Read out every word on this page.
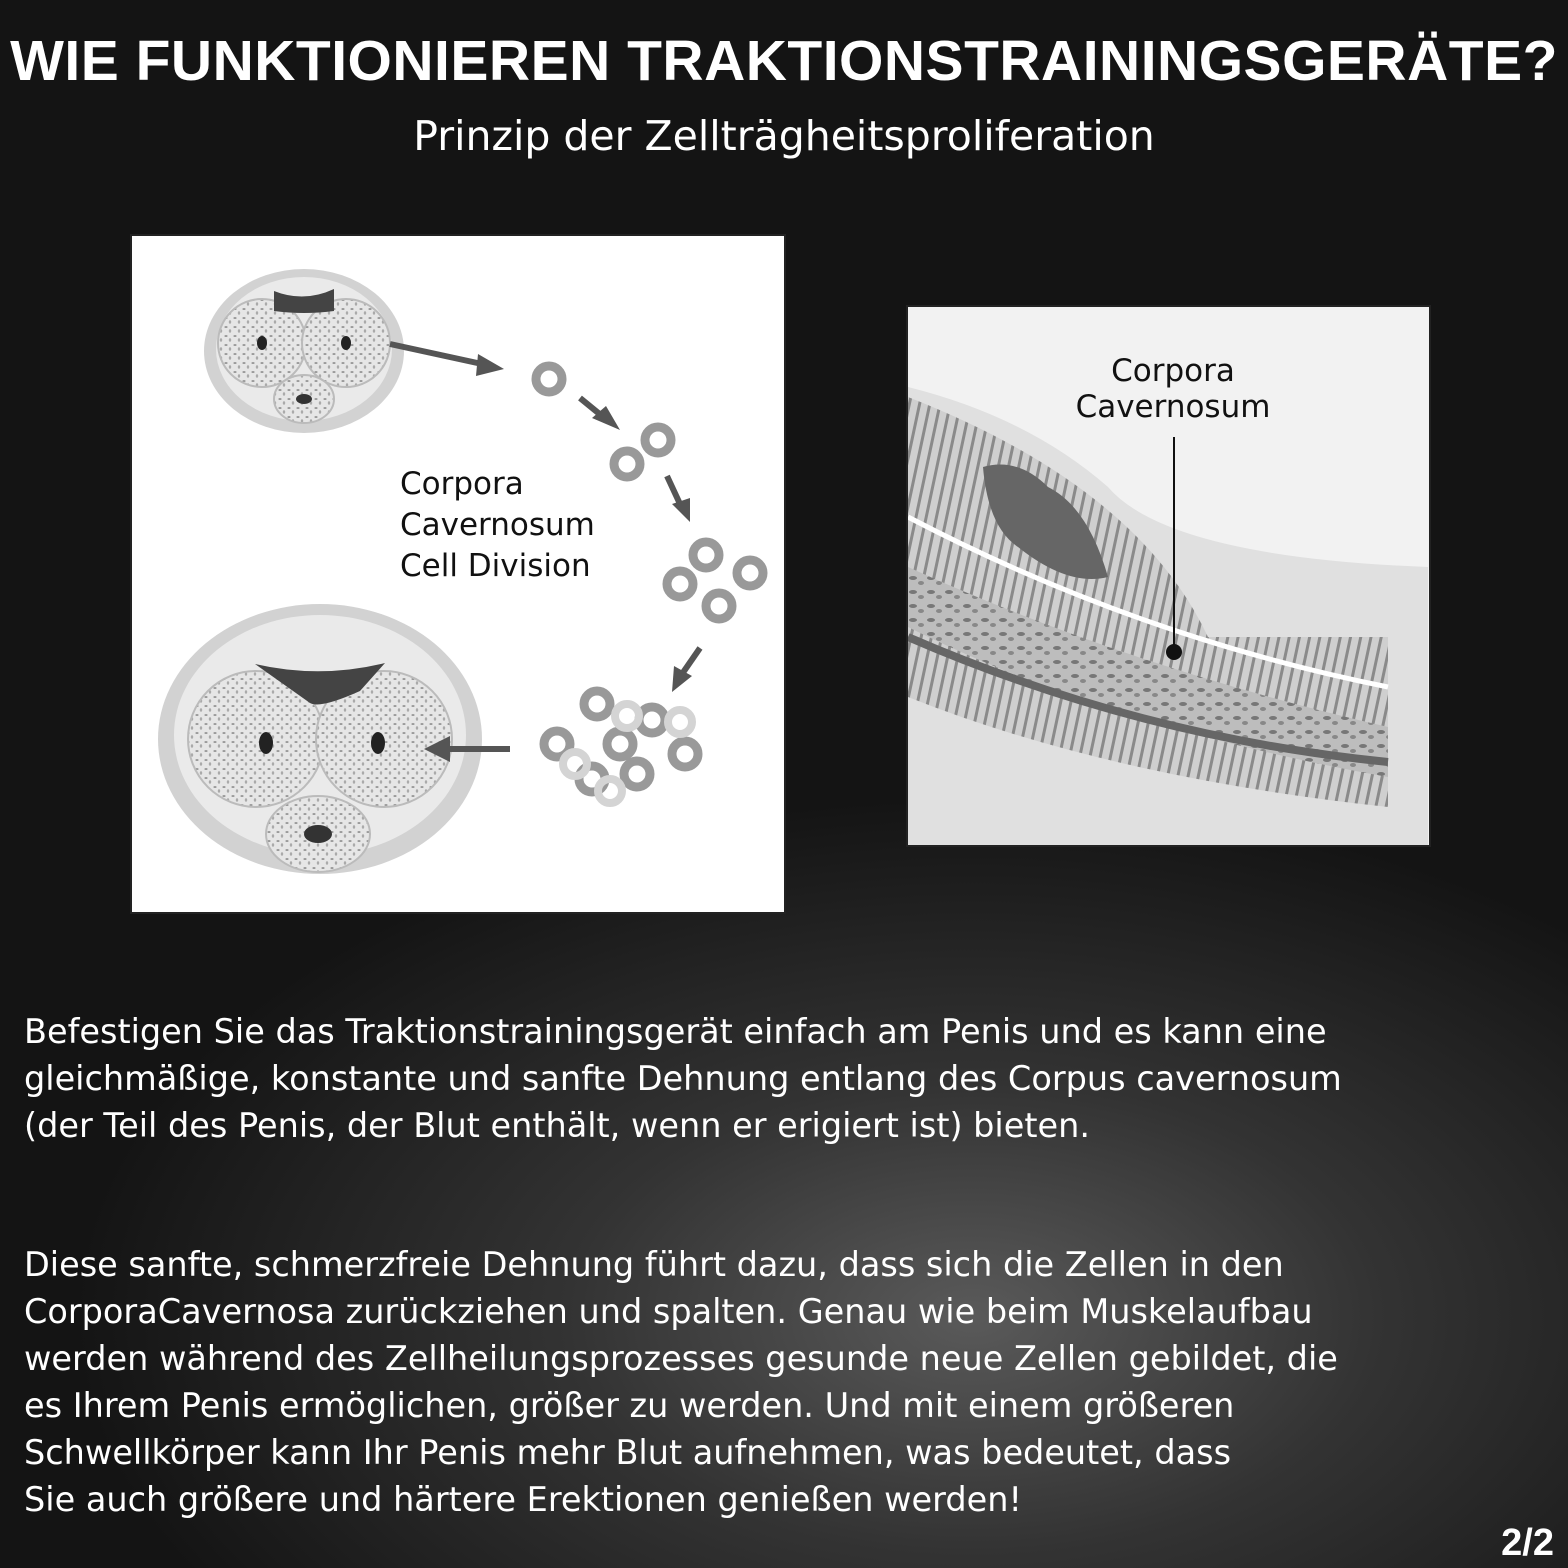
WIE FUNKTIONIEREN TRAKTIONSTRAININGSGERÄTE?
Prinzip der Zellträgheitsproliferation
Corpora
Cavernosum
Cell Division
Corpora
Cavernosum
Befestigen Sie das Traktionstrainingsgerät einfach am Penis und es kann eine
gleichmäßige, konstante und sanfte Dehnung entlang des Corpus cavernosum
(der Teil des Penis, der Blut enthält, wenn er erigiert ist) bieten.
Diese sanfte, schmerzfreie Dehnung führt dazu, dass sich die Zellen in den
CorporaCavernosa zurückziehen und spalten. Genau wie beim Muskelaufbau
werden während des Zellheilungsprozesses gesunde neue Zellen gebildet, die
es Ihrem Penis ermöglichen, größer zu werden. Und mit einem größeren
Schwellkörper kann Ihr Penis mehr Blut aufnehmen, was bedeutet, dass
Sie auch größere und härtere Erektionen genießen werden!
2/2
